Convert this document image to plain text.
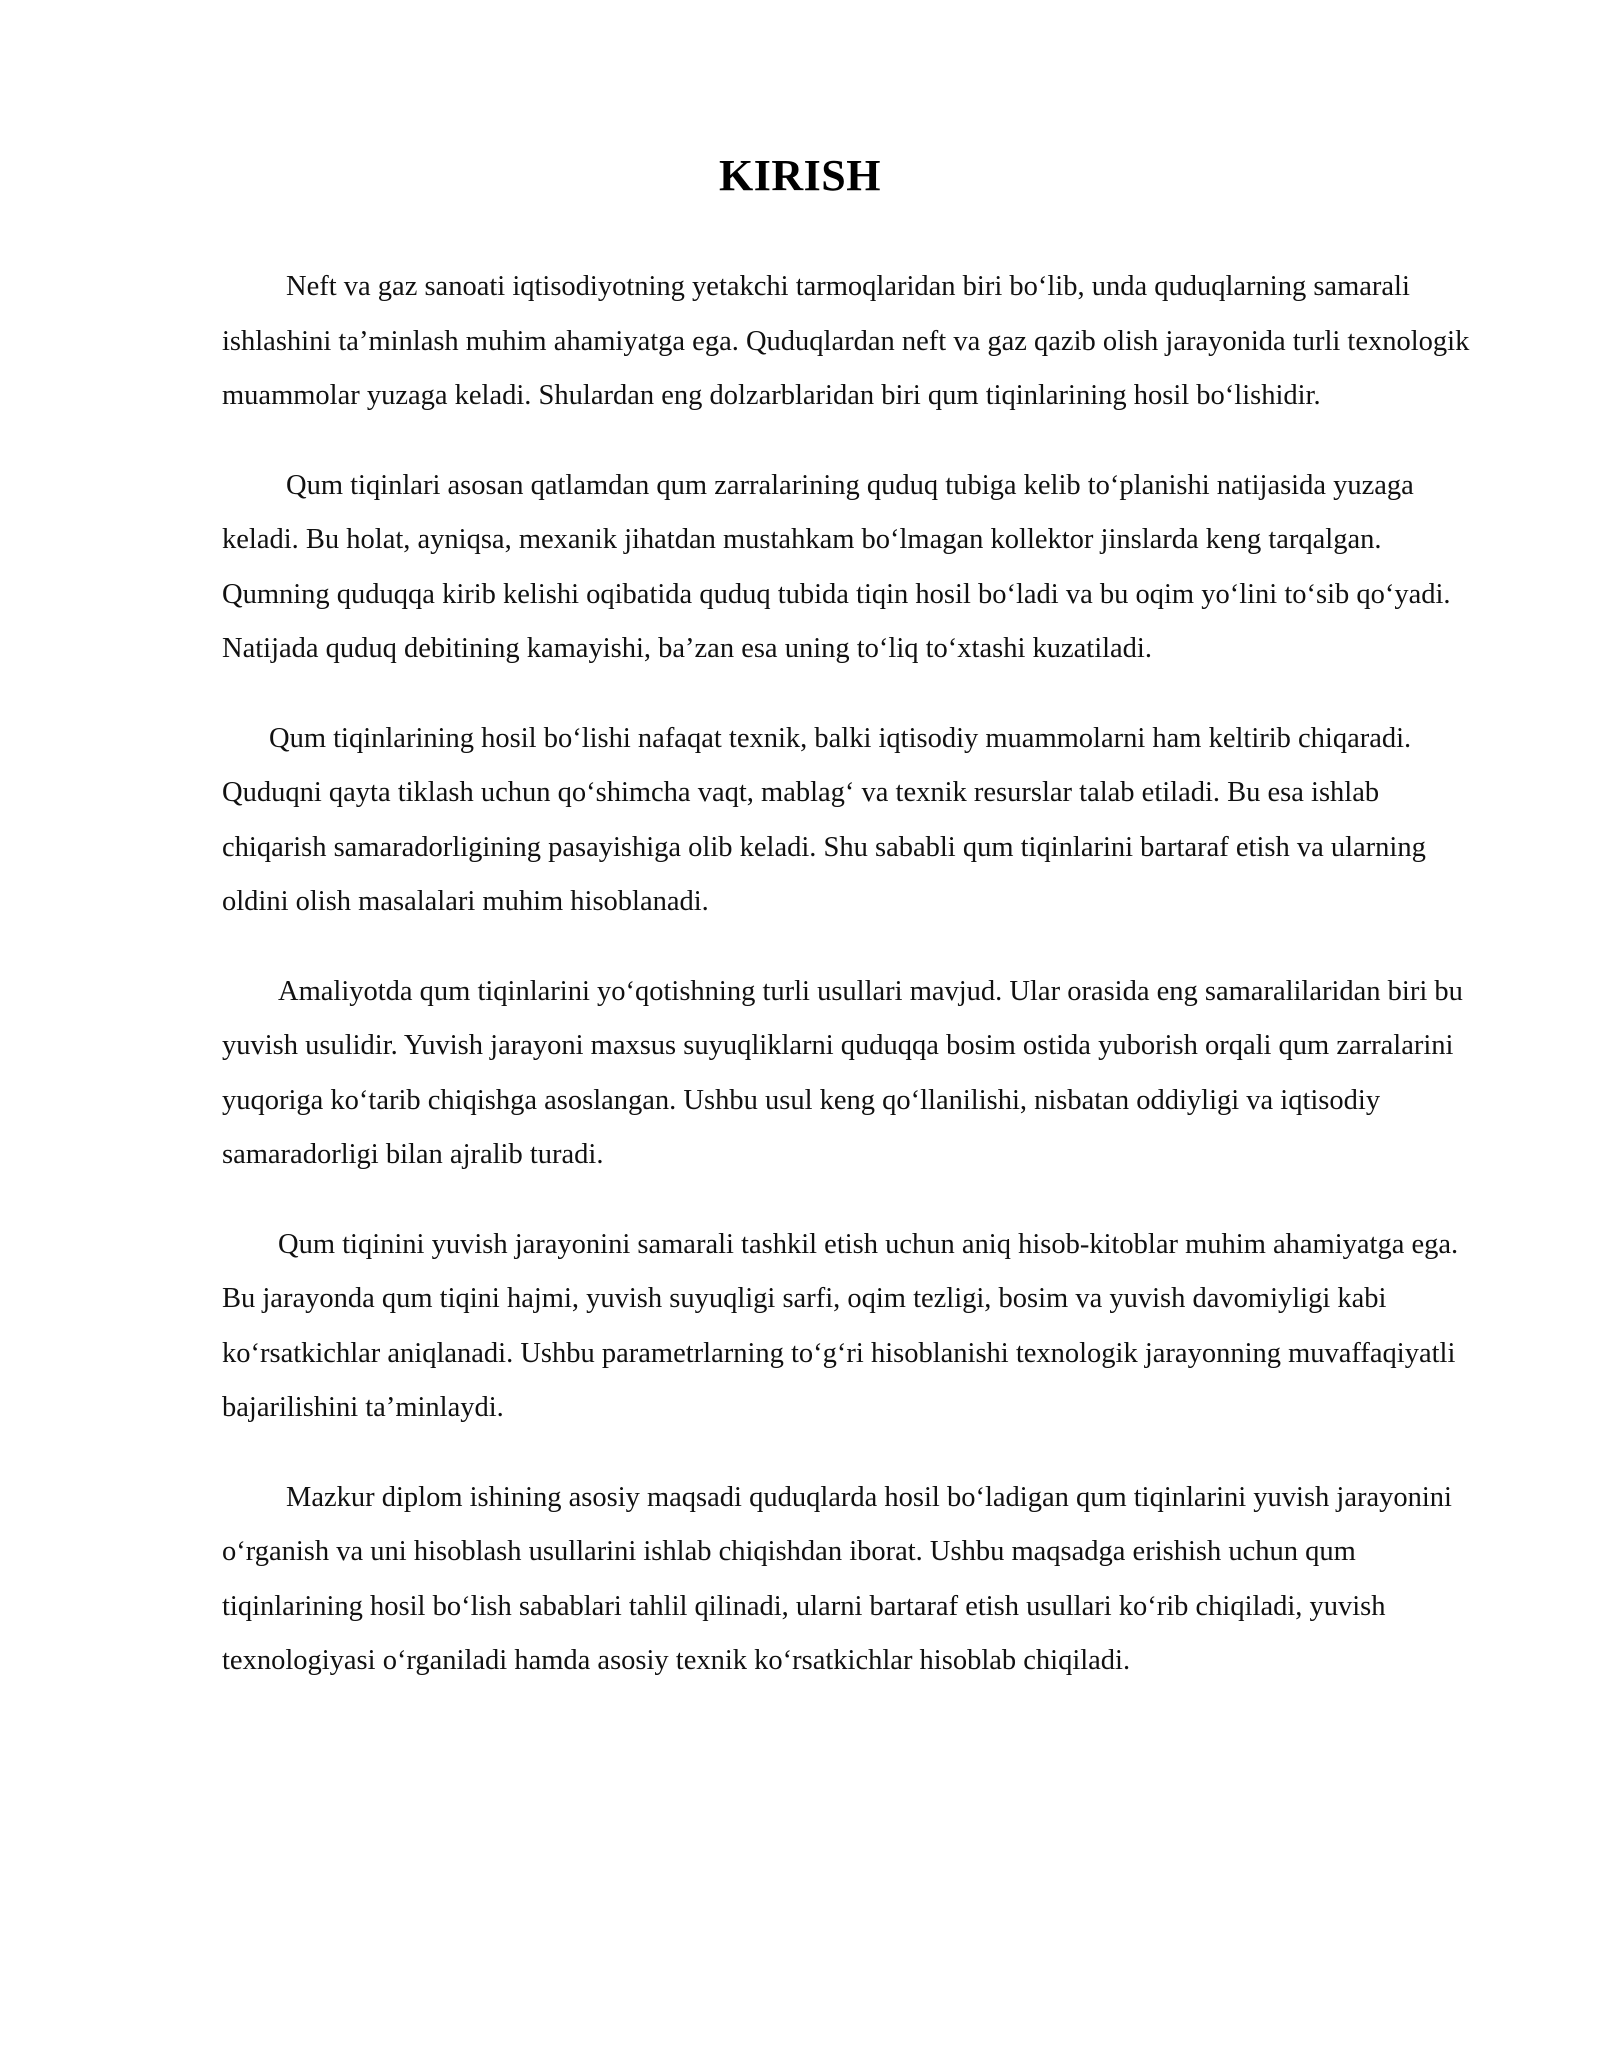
KIRISH

Neft va gaz sanoati iqtisodiyotning yetakchi tarmoqlaridan biri bo‘lib, unda quduqlarning samarali ishlashini ta’minlash muhim ahamiyatga ega. Quduqlardan neft va gaz qazib olish jarayonida turli texnologik muammolar yuzaga keladi. Shulardan eng dolzarblaridan biri qum tiqinlarining hosil bo‘lishidir.

Qum tiqinlari asosan qatlamdan qum zarralarining quduq tubiga kelib to‘planishi natijasida yuzaga keladi. Bu holat, ayniqsa, mexanik jihatdan mustahkam bo‘lmagan kollektor jinslarda keng tarqalgan. Qumning quduqqa kirib kelishi oqibatida quduq tubida tiqin hosil bo‘ladi va bu oqim yo‘lini to‘sib qo‘yadi. Natijada quduq debitining kamayishi, ba’zan esa uning to‘liq to‘xtashi kuzatiladi.

Qum tiqinlarining hosil bo‘lishi nafaqat texnik, balki iqtisodiy muammolarni ham keltirib chiqaradi. Quduqni qayta tiklash uchun qo‘shimcha vaqt, mablag‘ va texnik resurslar talab etiladi. Bu esa ishlab chiqarish samaradorligining pasayishiga olib keladi. Shu sababli qum tiqinlarini bartaraf etish va ularning oldini olish masalalari muhim hisoblanadi.

Amaliyotda qum tiqinlarini yo‘qotishning turli usullari mavjud. Ular orasida eng samaralilaridan biri bu yuvish usulidir. Yuvish jarayoni maxsus suyuqliklarni quduqqa bosim ostida yuborish orqali qum zarralarini yuqoriga ko‘tarib chiqishga asoslangan. Ushbu usul keng qo‘llanilishi, nisbatan oddiyligi va iqtisodiy samaradorligi bilan ajralib turadi.

Qum tiqinini yuvish jarayonini samarali tashkil etish uchun aniq hisob-kitoblar muhim ahamiyatga ega. Bu jarayonda qum tiqini hajmi, yuvish suyuqligi sarfi, oqim tezligi, bosim va yuvish davomiyligi kabi ko‘rsatkichlar aniqlanadi. Ushbu parametrlarning to‘g‘ri hisoblanishi texnologik jarayonning muvaffaqiyatli bajarilishini ta’minlaydi.

Mazkur diplom ishining asosiy maqsadi quduqlarda hosil bo‘ladigan qum tiqinlarini yuvish jarayonini o‘rganish va uni hisoblash usullarini ishlab chiqishdan iborat. Ushbu maqsadga erishish uchun qum tiqinlarining hosil bo‘lish sabablari tahlil qilinadi, ularni bartaraf etish usullari ko‘rib chiqiladi, yuvish texnologiyasi o‘rganiladi hamda asosiy texnik ko‘rsatkichlar hisoblab chiqiladi.
